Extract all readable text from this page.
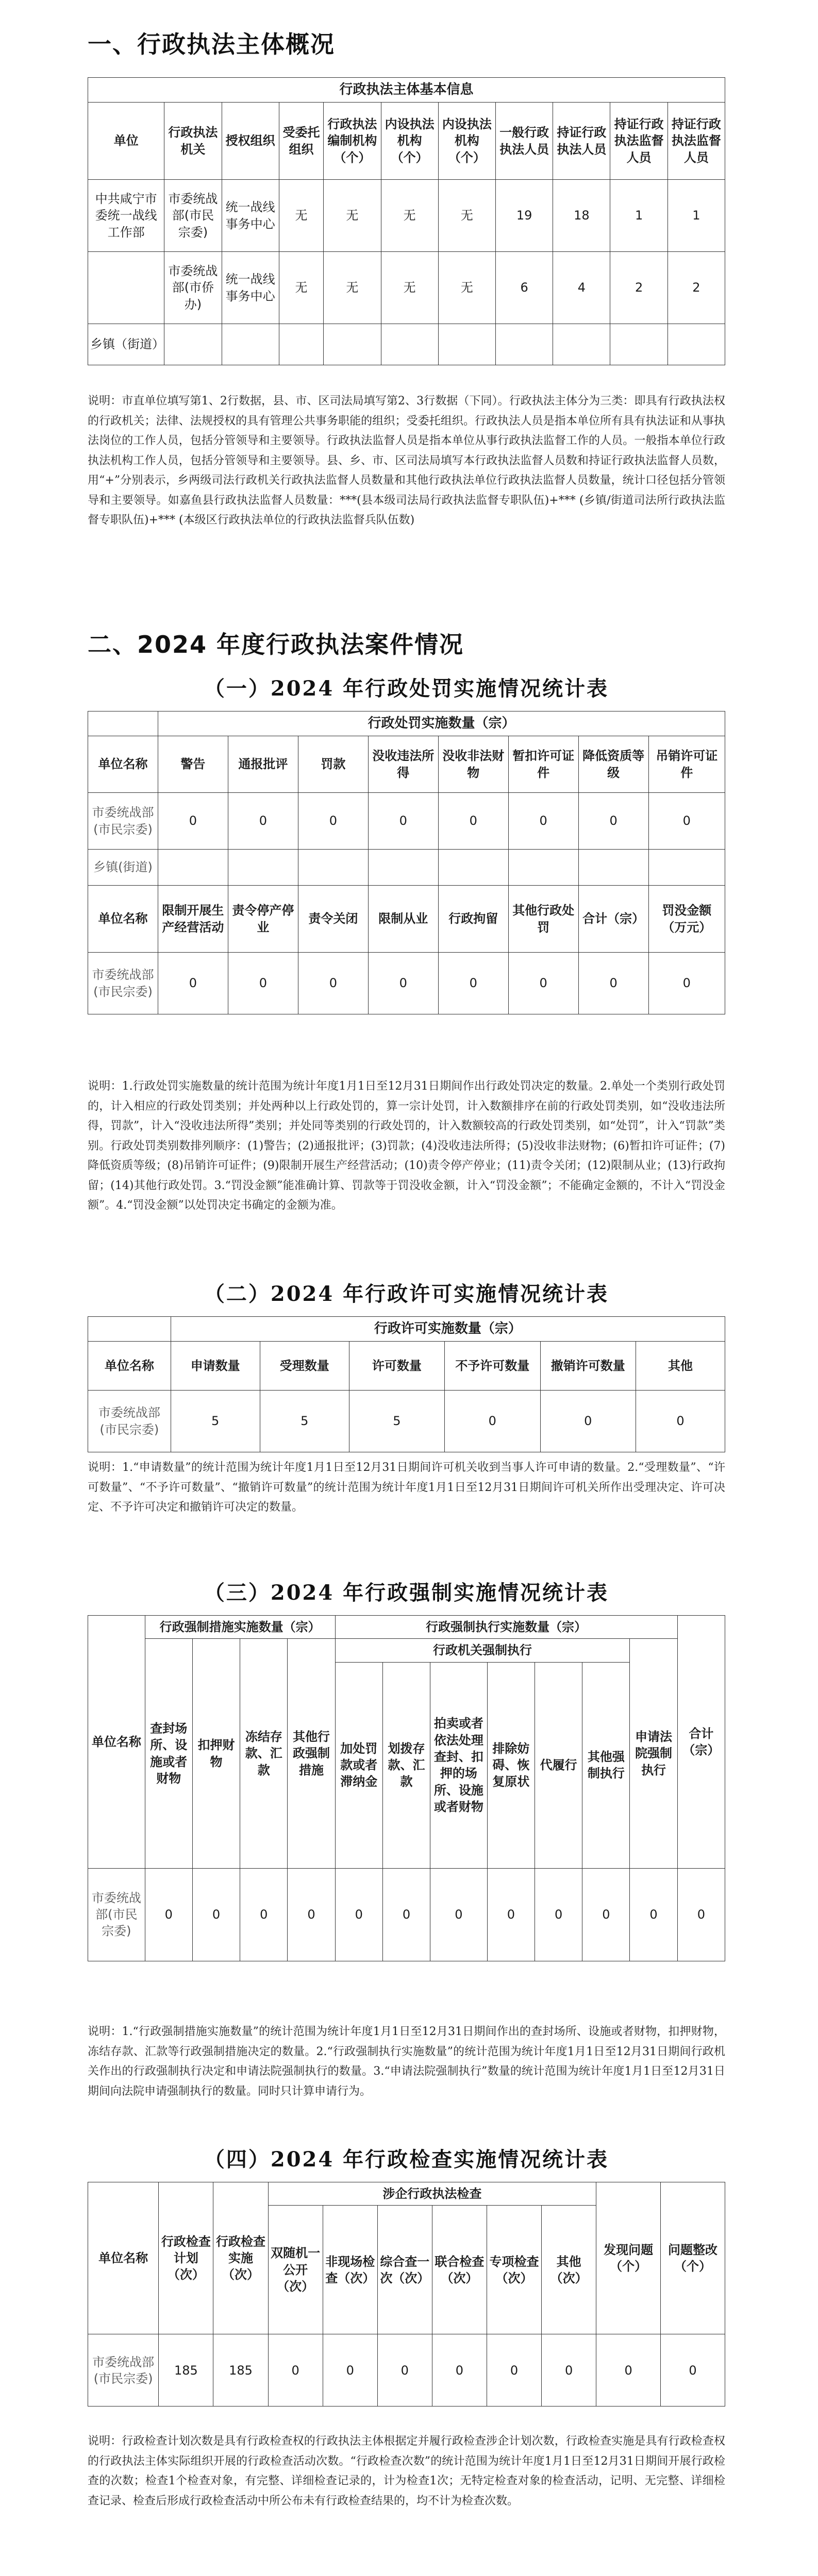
一、行政执法主体概况
行政执法主体基本信息										
单位	行政执法机关	授权组织	受委托组织	行政执法编制机构（个）	内设执法机构（个）	内设执法机构（个）	一般行政执法人员	持证行政执法人员	持证行政执法监督人员	持证行政执法监督人员
中共咸宁市委统一战线工作部	市委统战部(市民宗委)	统一战线事务中心	无	无	无	无	19	18	1	1
	市委统战部(市侨办)	统一战线事务中心	无	无	无	无	6	4	2	2
乡镇（街道）										
说明：市直单位填写第1、2行数据，县、市、区司法局填写第2、3行数据（下同）。行政执法主体分为三类：即具有行政执法权的行政机关；法律、法规授权的具有管理公共事务职能的组织；受委托组织。行政执法人员是指本单位所有具有执法证和从事执法岗位的工作人员，包括分管领导和主要领导。行政执法监督人员是指本单位从事行政执法监督工作的人员。一般指本单位行政执法机构工作人员，包括分管领导和主要领导。县、乡、市、区司法局填写本行政执法监督人员数和持证行政执法监督人员数，用“+”分别表示，乡两级司法行政机关行政执法监督人员数量和其他行政执法单位行政执法监督人员数量，统计口径包括分管领导和主要领导。如嘉鱼县行政执法监督人员数量：***(县本级司法局行政执法监督专职队伍)+*** (乡镇/街道司法所行政执法监督专职队伍)+*** (本级区行政执法单位的行政执法监督兵队伍数)
二、2024 年度行政执法案件情况
（一）2024 年行政处罚实施情况统计表
	行政处罚实施数量（宗）							
单位名称	警告	通报批评	罚款	没收违法所得	没收非法财物	暂扣许可证件	降低资质等级	吊销许可证件
市委统战部(市民宗委)	0	0	0	0	0	0	0	0
乡镇(街道)								
单位名称	限制开展生产经营活动	责令停产停业	责令关闭	限制从业	行政拘留	其他行政处罚	合计（宗）	罚没金额（万元）
市委统战部(市民宗委)	0	0	0	0	0	0	0	0
说明：1.行政处罚实施数量的统计范围为统计年度1月1日至12月31日期间作出行政处罚决定的数量。2.单处一个类别行政处罚的，计入相应的行政处罚类别；并处两种以上行政处罚的，算一宗计处罚，计入数额排序在前的行政处罚类别，如“没收违法所得，罚款”，计入“没收违法所得”类别；并处同等类别的行政处罚的，计入数额较高的行政处罚类别，如“处罚”，计入“罚款”类别。行政处罚类别数排列顺序：(1)警告；(2)通报批评；(3)罚款；(4)没收违法所得；(5)没收非法财物；(6)暂扣许可证件；(7)降低资质等级；(8)吊销许可证件；(9)限制开展生产经营活动；(10)责令停产停业；(11)责令关闭；(12)限制从业；(13)行政拘留；(14)其他行政处罚。3.“罚没金额”能准确计算、罚款等于罚没收金额，计入“罚没金额”；不能确定金额的，不计入“罚没金额”。4.“罚没金额”以处罚决定书确定的金额为准。
（二）2024 年行政许可实施情况统计表
	行政许可实施数量（宗）					
单位名称	申请数量	受理数量	许可数量	不予许可数量	撤销许可数量	其他
市委统战部(市民宗委)	5	5	5	0	0	0
说明：1.“申请数量”的统计范围为统计年度1月1日至12月31日期间许可机关收到当事人许可申请的数量。2.“受理数量”、“许可数量”、“不予许可数量”、“撤销许可数量”的统计范围为统计年度1月1日至12月31日期间许可机关所作出受理决定、许可决定、不予许可决定和撤销许可决定的数量。
（三）2024 年行政强制实施情况统计表
单位名称	行政强制措施实施数量（宗）				行政强制执行实施数量（宗）							合计（宗）
	查封场所、设施或者财物	扣押财物	冻结存款、汇款	其他行政强制措施	行政机关强制执行						申请法院强制执行	
					加处罚款或者滞纳金	划拨存款、汇款	拍卖或者依法处理查封、扣押的场所、设施或者财物	排除妨碍、恢复原状	代履行	其他强制执行		
市委统战部(市民宗委)	0	0	0	0	0	0	0	0	0	0	0	0
说明：1.“行政强制措施实施数量”的统计范围为统计年度1月1日至12月31日期间作出的查封场所、设施或者财物，扣押财物，冻结存款、汇款等行政强制措施决定的数量。2.“行政强制执行实施数量”的统计范围为统计年度1月1日至12月31日期间行政机关作出的行政强制执行决定和申请法院强制执行的数量。3.“申请法院强制执行”数量的统计范围为统计年度1月1日至12月31日期间向法院申请强制执行的数量。同时只计算申请行为。
（四）2024 年行政检查实施情况统计表
单位名称	行政检查计划（次）	行政检查实施（次）	涉企行政执法检查						发现问题（个）	问题整改（个）
			双随机一公开（次）	非现场检查（次）	综合查一次（次）	联合检查（次）	专项检查（次）	其他（次）		
市委统战部(市民宗委)	185	185	0	0	0	0	0	0	0	0
说明：行政检查计划次数是具有行政检查权的行政执法主体根据定并履行政检查涉企计划次数，行政检查实施是具有行政检查权的行政执法主体实际组织开展的行政检查活动次数。“行政检查次数”的统计范围为统计年度1月1日至12月31日期间开展行政检查的次数；检查1个检查对象，有完整、详细检查记录的，计为检查1次；无特定检查对象的检查活动，记明、无完整、详细检查记录、检查后形成行政检查活动中所公布未有行政检查结果的，均不计为检查次数。
